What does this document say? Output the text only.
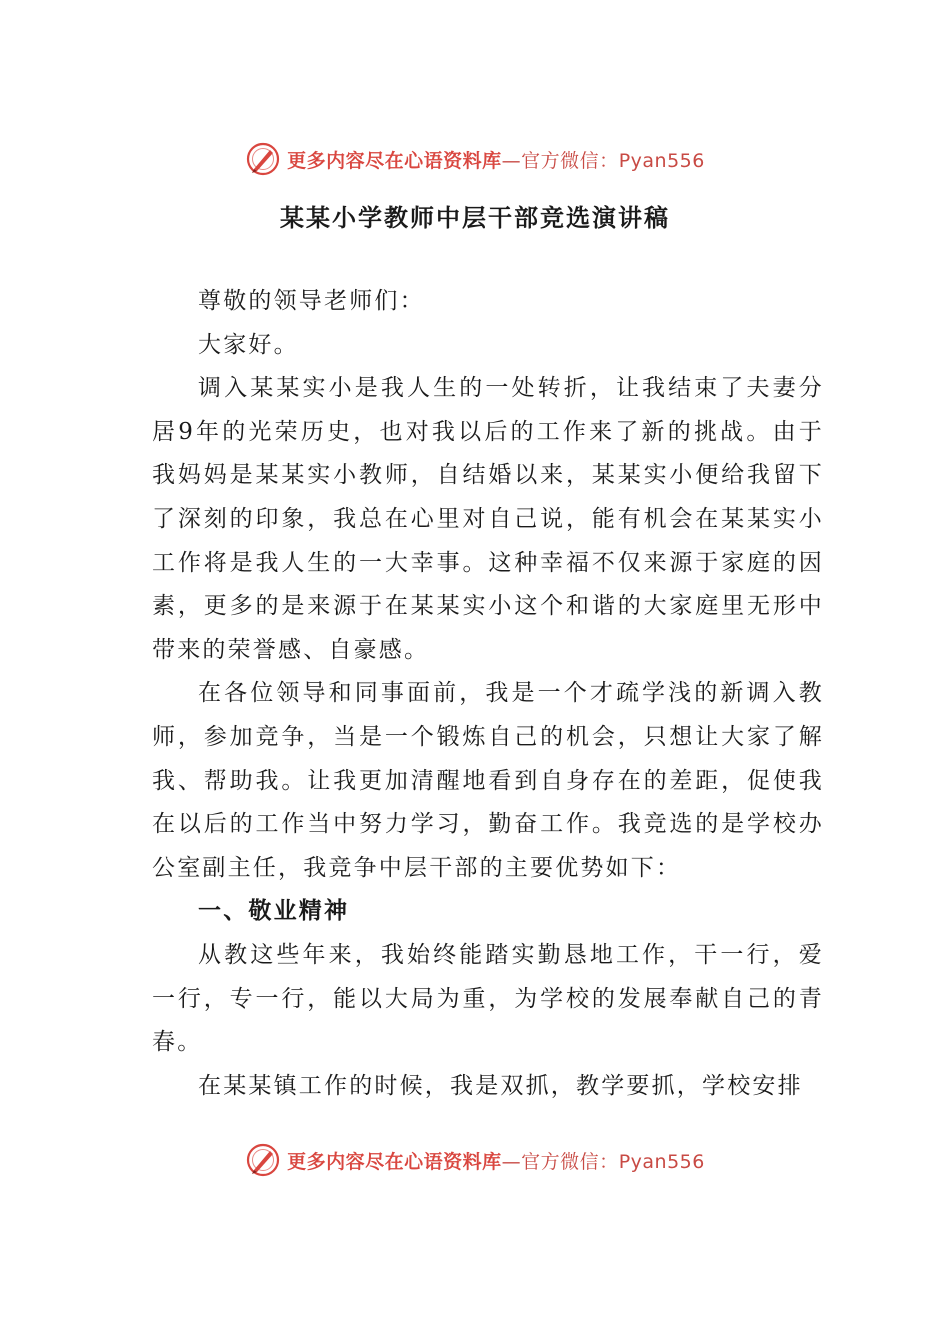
更多内容尽在心语资料库—官方微信：Pyan556
某某小学教师中层干部竞选演讲稿

尊敬的领导老师们：

大家好。

调入某某实小是我人生的一处转折，让我结束了夫妻分居9年的光荣历史，也对我以后的工作来了新的挑战。由于我妈妈是某某实小教师，自结婚以来，某某实小便给我留下了深刻的印象，我总在心里对自己说，能有机会在某某实小工作将是我人生的一大幸事。这种幸福不仅来源于家庭的因素，更多的是来源于在某某实小这个和谐的大家庭里无形中带来的荣誉感、自豪感。

在各位领导和同事面前，我是一个才疏学浅的新调入教师，参加竞争，当是一个锻炼自己的机会，只想让大家了解我、帮助我。让我更加清醒地看到自身存在的差距，促使我在以后的工作当中努力学习，勤奋工作。我竞选的是学校办公室副主任，我竞争中层干部的主要优势如下：

一、敬业精神

从教这些年来，我始终能踏实勤恳地工作，干一行，爱一行，专一行，能以大局为重，为学校的发展奉献自己的青春。

在某某镇工作的时候，我是双抓，教学要抓，学校安排

更多内容尽在心语资料库—官方微信：Pyan556
